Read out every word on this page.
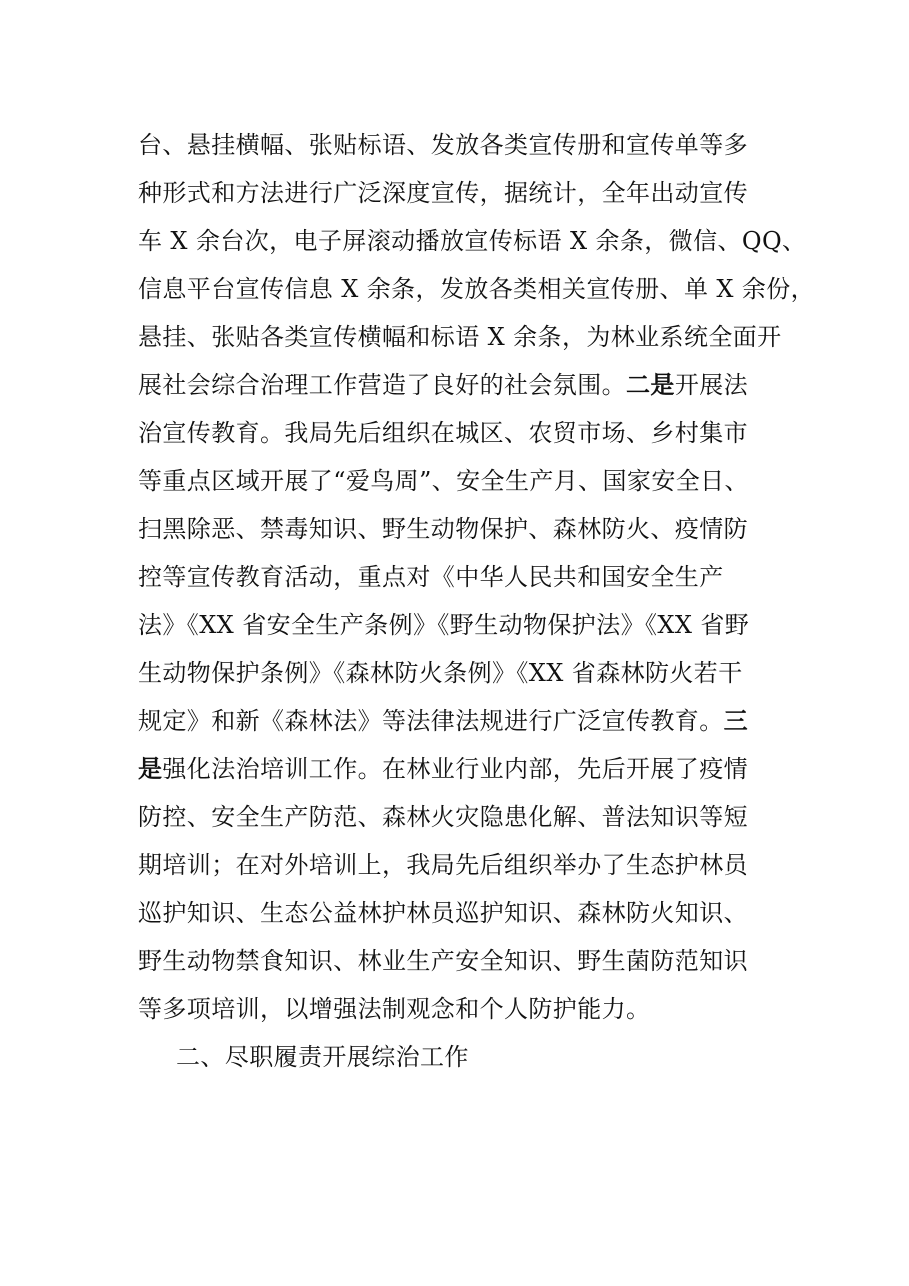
台、悬挂横幅、张贴标语、发放各类宣传册和宣传单等多
种形式和方法进行广泛深度宣传，据统计，全年出动宣传
车 X 余台次，电子屏滚动播放宣传标语 X 余条，微信、QQ、
信息平台宣传信息 X 余条，发放各类相关宣传册、单 X 余份，
悬挂、张贴各类宣传横幅和标语 X 余条，为林业系统全面开
展社会综合治理工作营造了良好的社会氛围。二是开展法
治宣传教育。我局先后组织在城区、农贸市场、乡村集市
等重点区域开展了“爱鸟周”、安全生产月、国家安全日、
扫黑除恶、禁毒知识、野生动物保护、森林防火、疫情防
控等宣传教育活动，重点对《中华人民共和国安全生产
法》《XX 省安全生产条例》《野生动物保护法》《XX 省野
生动物保护条例》《森林防火条例》《XX 省森林防火若干
规定》和新《森林法》等法律法规进行广泛宣传教育。三
是强化法治培训工作。在林业行业内部，先后开展了疫情
防控、安全生产防范、森林火灾隐患化解、普法知识等短
期培训；在对外培训上，我局先后组织举办了生态护林员
巡护知识、生态公益林护林员巡护知识、森林防火知识、
野生动物禁食知识、林业生产安全知识、野生菌防范知识
等多项培训，以增强法制观念和个人防护能力。
二、尽职履责开展综治工作
